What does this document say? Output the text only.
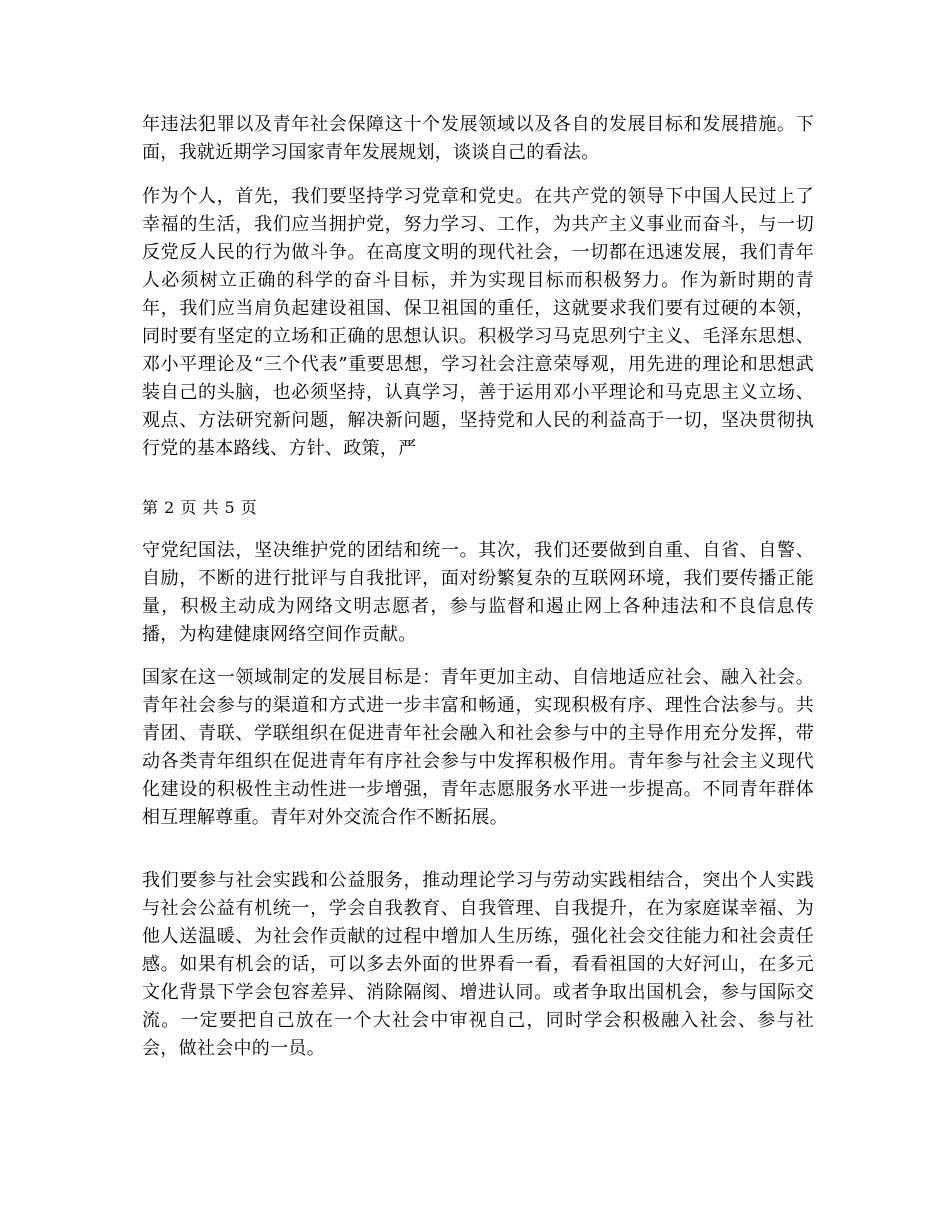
年违法犯罪以及青年社会保障这十个发展领域以及各自的发展目标和发展措施。下面，我就近期学习国家青年发展规划，谈谈自己的看法。

作为个人，首先，我们要坚持学习党章和党史。在共产党的领导下中国人民过上了幸福的生活，我们应当拥护党，努力学习、工作，为共产主义事业而奋斗，与一切反党反人民的行为做斗争。在高度文明的现代社会，一切都在迅速发展，我们青年人必须树立正确的科学的奋斗目标，并为实现目标而积极努力。作为新时期的青年，我们应当肩负起建设祖国、保卫祖国的重任，这就要求我们要有过硬的本领，同时要有坚定的立场和正确的思想认识。积极学习马克思列宁主义、毛泽东思想、邓小平理论及“三个代表”重要思想，学习社会注意荣辱观，用先进的理论和思想武装自己的头脑，也必须坚持，认真学习，善于运用邓小平理论和马克思主义立场、观点、方法研究新问题，解决新问题，坚持党和人民的利益高于一切，坚决贯彻执行党的基本路线、方针、政策，严

第 2 页 共 5 页

守党纪国法，坚决维护党的团结和统一。其次，我们还要做到自重、自省、自警、自励，不断的进行批评与自我批评，面对纷繁复杂的互联网环境，我们要传播正能量，积极主动成为网络文明志愿者，参与监督和遏止网上各种违法和不良信息传播，为构建健康网络空间作贡献。

国家在这一领域制定的发展目标是：青年更加主动、自信地适应社会、融入社会。青年社会参与的渠道和方式进一步丰富和畅通，实现积极有序、理性合法参与。共青团、青联、学联组织在促进青年社会融入和社会参与中的主导作用充分发挥，带动各类青年组织在促进青年有序社会参与中发挥积极作用。青年参与社会主义现代化建设的积极性主动性进一步增强，青年志愿服务水平进一步提高。不同青年群体相互理解尊重。青年对外交流合作不断拓展。

我们要参与社会实践和公益服务，推动理论学习与劳动实践相结合，突出个人实践与社会公益有机统一，学会自我教育、自我管理、自我提升，在为家庭谋幸福、为他人送温暖、为社会作贡献的过程中增加人生历练，强化社会交往能力和社会责任感。如果有机会的话，可以多去外面的世界看一看，看看祖国的大好河山，在多元文化背景下学会包容差异、消除隔阂、增进认同。或者争取出国机会，参与国际交流。一定要把自己放在一个大社会中审视自己，同时学会积极融入社会、参与社会，做社会中的一员。
